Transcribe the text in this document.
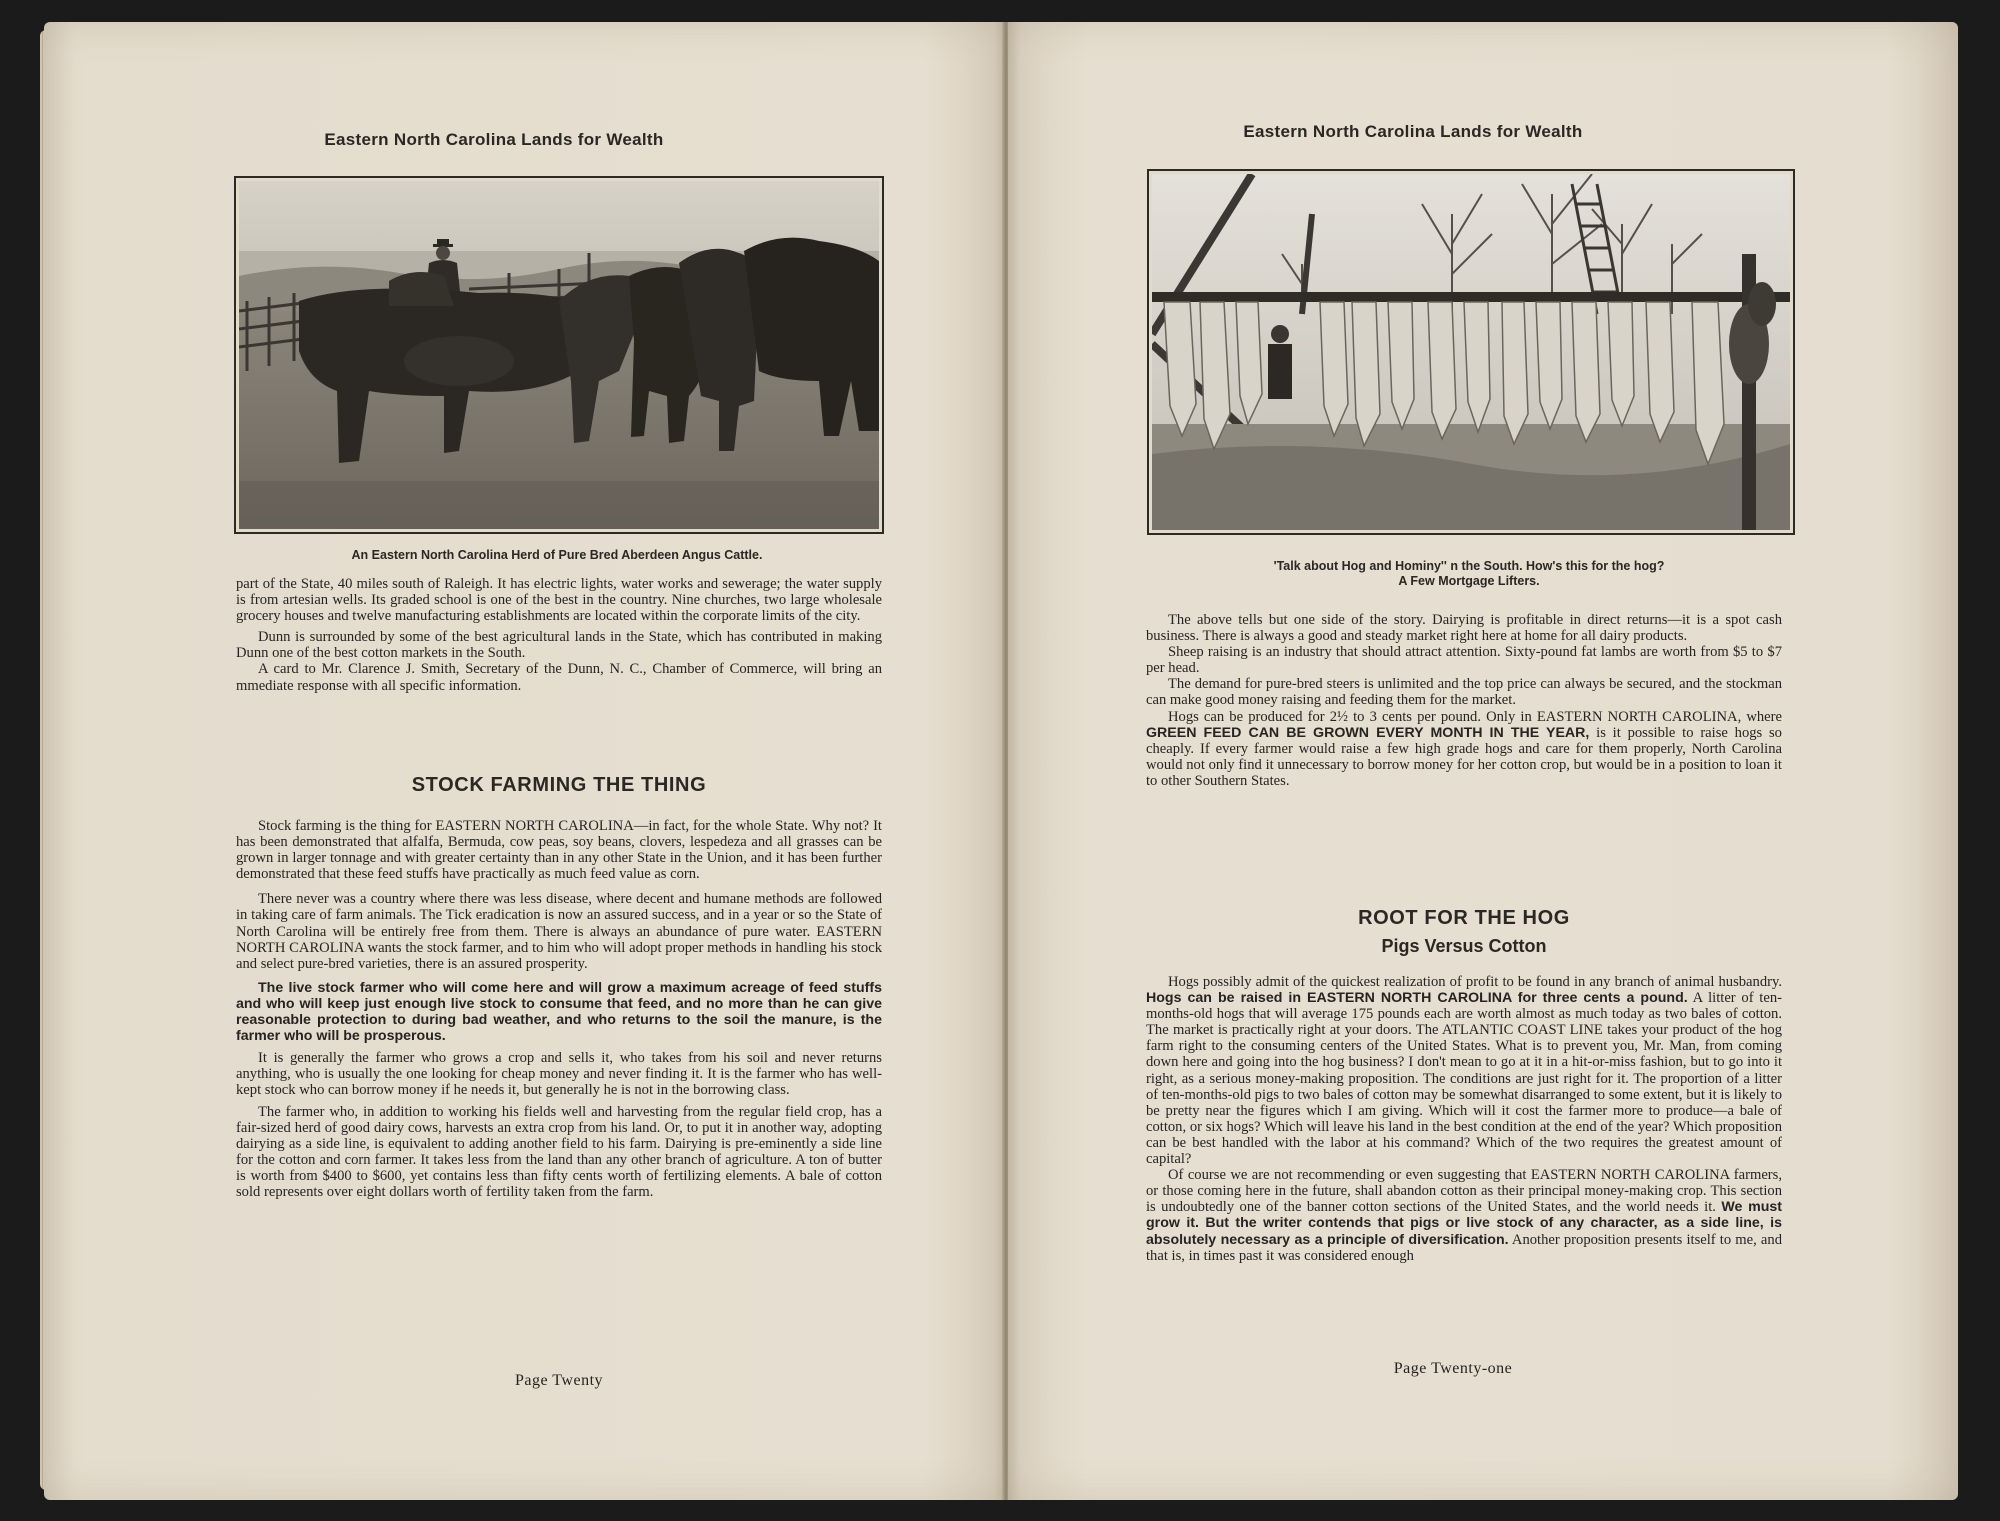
Eastern North Carolina Lands for Wealth
An Eastern North Carolina Herd of Pure Bred Aberdeen Angus Cattle.

part of the State, 40 miles south of Raleigh. It has electric lights, water works and sewerage; the water supply is from artesian wells. Its graded school is one of the best in the country. Nine churches, two large wholesale grocery houses and twelve manufacturing establishments are located within the corporate limits of the city.

Dunn is surrounded by some of the best agricultural lands in the State, which has contributed in making Dunn one of the best cotton markets in the South.

A card to Mr. Clarence J. Smith, Secretary of the Dunn, N. C., Chamber of Commerce, will bring an mmediate response with all specific information.

STOCK FARMING THE THING

Stock farming is the thing for EASTERN NORTH CAROLINA—in fact, for the whole State. Why not? It has been demonstrated that alfalfa, Bermuda, cow peas, soy beans, clovers, lespedeza and all grasses can be grown in larger tonnage and with greater certainty than in any other State in the Union, and it has been further demonstrated that these feed stuffs have practically as much feed value as corn.

There never was a country where there was less disease, where decent and humane methods are followed in taking care of farm animals. The Tick eradication is now an assured success, and in a year or so the State of North Carolina will be entirely free from them. There is always an abundance of pure water. EASTERN NORTH CAROLINA wants the stock farmer, and to him who will adopt proper methods in handling his stock and select pure-bred varieties, there is an assured prosperity.

The live stock farmer who will come here and will grow a maximum acreage of feed stuffs and who will keep just enough live stock to consume that feed, and no more than he can give reasonable protection to during bad weather, and who returns to the soil the manure, is the farmer who will be prosperous.

It is generally the farmer who grows a crop and sells it, who takes from his soil and never returns anything, who is usually the one looking for cheap money and never finding it. It is the farmer who has well-kept stock who can borrow money if he needs it, but generally he is not in the borrowing class.

The farmer who, in addition to working his fields well and harvesting from the regular field crop, has a fair-sized herd of good dairy cows, harvests an extra crop from his land. Or, to put it in another way, adopting dairying as a side line, is equivalent to adding another field to his farm. Dairying is pre-eminently a side line for the cotton and corn farmer. It takes less from the land than any other branch of agriculture. A ton of butter is worth from $400 to $600, yet contains less than fifty cents worth of fertilizing elements. A bale of cotton sold represents over eight dollars worth of fertility taken from the farm.

Page Twenty
Eastern North Carolina Lands for Wealth
'Talk about Hog and Hominy'' n the South. How's this for the hog?
A Few Mortgage Lifters.

The above tells but one side of the story. Dairying is profitable in direct returns—it is a spot cash business. There is always a good and steady market right here at home for all dairy products.

Sheep raising is an industry that should attract attention. Sixty-pound fat lambs are worth from $5 to $7 per head.

The demand for pure-bred steers is unlimited and the top price can always be secured, and the stockman can make good money raising and feeding them for the market.

Hogs can be produced for 2½ to 3 cents per pound. Only in EASTERN NORTH CAROLINA, where GREEN FEED CAN BE GROWN EVERY MONTH IN THE YEAR, is it possible to raise hogs so cheaply. If every farmer would raise a few high grade hogs and care for them properly, North Carolina would not only find it unnecessary to borrow money for her cotton crop, but would be in a position to loan it to other Southern States.

ROOT FOR THE HOG
Pigs Versus Cotton

Hogs possibly admit of the quickest realization of profit to be found in any branch of animal husbandry. Hogs can be raised in EASTERN NORTH CAROLINA for three cents a pound. A litter of ten-months-old hogs that will average 175 pounds each are worth almost as much today as two bales of cotton. The market is practically right at your doors. The ATLANTIC COAST LINE takes your product of the hog farm right to the consuming centers of the United States. What is to prevent you, Mr. Man, from coming down here and going into the hog business? I don't mean to go at it in a hit-or-miss fashion, but to go into it right, as a serious money-making proposition. The conditions are just right for it. The proportion of a litter of ten-months-old pigs to two bales of cotton may be somewhat disarranged to some extent, but it is likely to be pretty near the figures which I am giving. Which will it cost the farmer more to produce—a bale of cotton, or six hogs? Which will leave his land in the best condition at the end of the year? Which proposition can be best handled with the labor at his command? Which of the two requires the greatest amount of capital?

Of course we are not recommending or even suggesting that EASTERN NORTH CAROLINA farmers, or those coming here in the future, shall abandon cotton as their principal money-making crop. This section is undoubtedly one of the banner cotton sections of the United States, and the world needs it. We must grow it. But the writer contends that pigs or live stock of any character, as a side line, is absolutely necessary as a principle of diversification. Another proposition presents itself to me, and that is, in times past it was considered enough

Page Twenty-one
